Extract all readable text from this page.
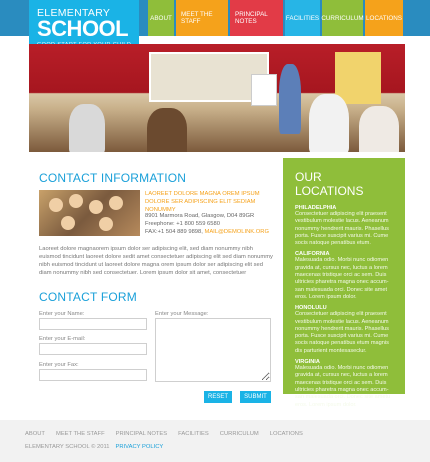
ELEMENTARY
SCHOOL	ABOUT	MEET THE STAFF
PRINCIPAL NOTES	FACILITIES CURRICULUM LOCATIONS
CONTACT INFORMATION
LAOREET DOLORE MAGNA OREM IPSUM DOLORE SER ADIPISCING ELIT SEDIAM NONUMMY
8901 Marmora Road, Glasgow, D04 89GR
Freephone: +1 800 559 6580
FAX:+1 504 889 9898, MAIL@DEMOLINK.ORG
Laoreet dolore magnaorem ipsum dolor ser adipiscing elit, sed diam nonummy nibh euismod tincidunt laoreet dolore sedit amet consectetuer adipiscing elit sed diam nonummy nibh euismod tincidunt ut laoreet dolore magna orem ipsum dolor ser adipiscing elit sed diam nonummy nibh sed consectetuer. Lorem ipsum dolor sit amet, consectetuer
CONTACT FORM
Enter your Name:
Enter your E-mail:
Enter your Fax:
Enter your Message:
RESET	SUBMIT
OUR LOCATIONS
PHILADELPHIA
Consectetuer adipiscing elit praesent vestibulum molestie lacus. Aeneanum nonummy hendrerit mauris. Phasellus porta. Fusce suscipit varius mi. Cume socis natoque penatibus etum.
CALIFORNIA
Malesuada odio. Morbi nunc odiomen gravida at, cursus nec, luctus a lorem maecenas tristique orci ac sem. Duis ultricies pharetra magna onec accum-san malesuada orci. Donec site amet eros. Lorem ipsum dolor.
HONOLULU
Consectetuer adipiscing elit praesent vestibulum molestie lacus. Aeneanum nonummy hendrerit mauris. Phasellus porta. Fusce suscipit varius mi. Cume socis natoque penatibus etum magnis dis parturient montesaseclur.
VIRGINIA
Malesuada odio. Morbi nunc odiomen gravida at, cursus nec, luctus a lorem maecenas tristique orci ac sem. Duis ultricies pharetra magna onec accum-san malesuada orci. Donec site ametu eros. Lorem ipsum dolor.
ABOUT MEET THE STAFF PRINCIPAL NOTES FACILITIES CURRICULUM LOCATIONS
ELEMENTARY SCHOOL © 2011 PRIVACY POLICY
